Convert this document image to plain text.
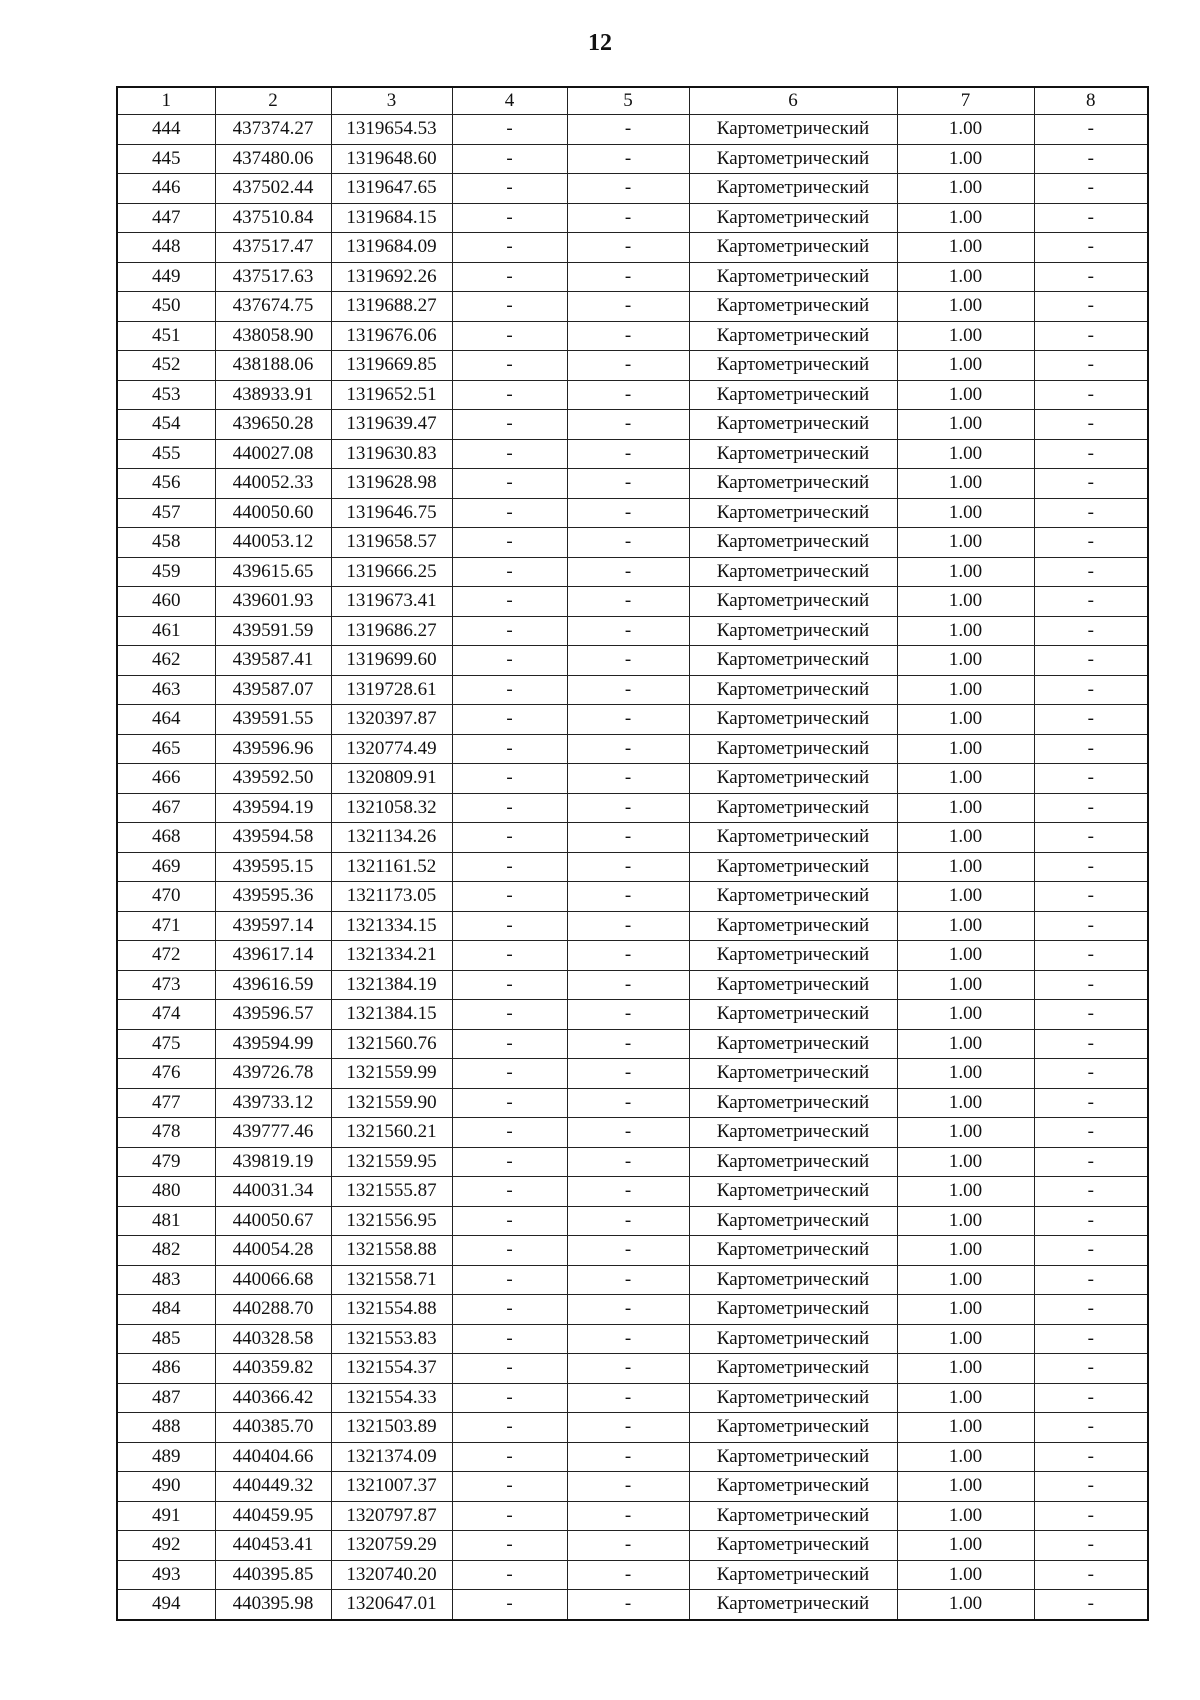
12
1	2	3	4	5	6	7	8
444	437374.27	1319654.53	-	-	Картометрический	1.00	-
445	437480.06	1319648.60	-	-	Картометрический	1.00	-
446	437502.44	1319647.65	-	-	Картометрический	1.00	-
447	437510.84	1319684.15	-	-	Картометрический	1.00	-
448	437517.47	1319684.09	-	-	Картометрический	1.00	-
449	437517.63	1319692.26	-	-	Картометрический	1.00	-
450	437674.75	1319688.27	-	-	Картометрический	1.00	-
451	438058.90	1319676.06	-	-	Картометрический	1.00	-
452	438188.06	1319669.85	-	-	Картометрический	1.00	-
453	438933.91	1319652.51	-	-	Картометрический	1.00	-
454	439650.28	1319639.47	-	-	Картометрический	1.00	-
455	440027.08	1319630.83	-	-	Картометрический	1.00	-
456	440052.33	1319628.98	-	-	Картометрический	1.00	-
457	440050.60	1319646.75	-	-	Картометрический	1.00	-
458	440053.12	1319658.57	-	-	Картометрический	1.00	-
459	439615.65	1319666.25	-	-	Картометрический	1.00	-
460	439601.93	1319673.41	-	-	Картометрический	1.00	-
461	439591.59	1319686.27	-	-	Картометрический	1.00	-
462	439587.41	1319699.60	-	-	Картометрический	1.00	-
463	439587.07	1319728.61	-	-	Картометрический	1.00	-
464	439591.55	1320397.87	-	-	Картометрический	1.00	-
465	439596.96	1320774.49	-	-	Картометрический	1.00	-
466	439592.50	1320809.91	-	-	Картометрический	1.00	-
467	439594.19	1321058.32	-	-	Картометрический	1.00	-
468	439594.58	1321134.26	-	-	Картометрический	1.00	-
469	439595.15	1321161.52	-	-	Картометрический	1.00	-
470	439595.36	1321173.05	-	-	Картометрический	1.00	-
471	439597.14	1321334.15	-	-	Картометрический	1.00	-
472	439617.14	1321334.21	-	-	Картометрический	1.00	-
473	439616.59	1321384.19	-	-	Картометрический	1.00	-
474	439596.57	1321384.15	-	-	Картометрический	1.00	-
475	439594.99	1321560.76	-	-	Картометрический	1.00	-
476	439726.78	1321559.99	-	-	Картометрический	1.00	-
477	439733.12	1321559.90	-	-	Картометрический	1.00	-
478	439777.46	1321560.21	-	-	Картометрический	1.00	-
479	439819.19	1321559.95	-	-	Картометрический	1.00	-
480	440031.34	1321555.87	-	-	Картометрический	1.00	-
481	440050.67	1321556.95	-	-	Картометрический	1.00	-
482	440054.28	1321558.88	-	-	Картометрический	1.00	-
483	440066.68	1321558.71	-	-	Картометрический	1.00	-
484	440288.70	1321554.88	-	-	Картометрический	1.00	-
485	440328.58	1321553.83	-	-	Картометрический	1.00	-
486	440359.82	1321554.37	-	-	Картометрический	1.00	-
487	440366.42	1321554.33	-	-	Картометрический	1.00	-
488	440385.70	1321503.89	-	-	Картометрический	1.00	-
489	440404.66	1321374.09	-	-	Картометрический	1.00	-
490	440449.32	1321007.37	-	-	Картометрический	1.00	-
491	440459.95	1320797.87	-	-	Картометрический	1.00	-
492	440453.41	1320759.29	-	-	Картометрический	1.00	-
493	440395.85	1320740.20	-	-	Картометрический	1.00	-
494	440395.98	1320647.01	-	-	Картометрический	1.00	-
